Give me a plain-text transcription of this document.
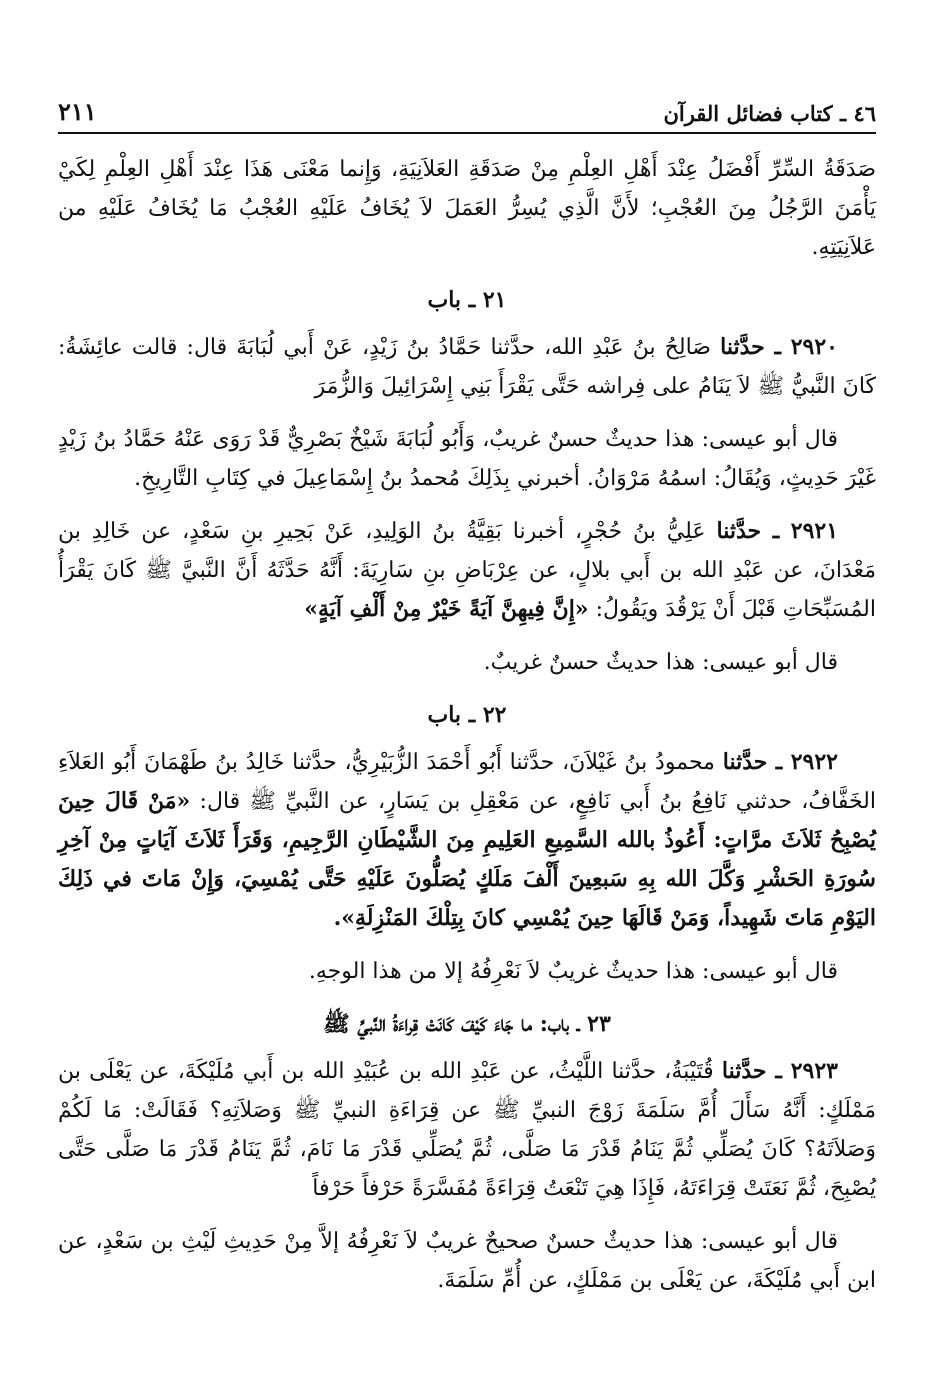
٤٦ ـ كتاب فضائل القرآن
٢١١

صَدَقَةُ السِّرِّ أَفْضَلُ عِنْدَ أَهْلِ العِلْمِ مِنْ صَدَقَةِ العَلاَنِيَةِ، وَإِنما مَعْنَى هَذَا عِنْدَ أَهْلِ العِلْمِ لِكَيْ يَأْمَنَ الرَّجُلُ مِنَ العُجْبِ؛ لأَنَّ الَّذِي يُسِرُّ العَمَلَ لاَ يُخَافُ عَلَيْهِ العُجْبُ مَا يُخَافُ عَلَيْهِ من عَلاَنِيَتِهِ.

٢١ ـ باب

٢٩٢٠ ـ حدَّثنا صَالِحُ بنُ عَبْدِ الله، حدَّثنا حَمَّادُ بنُ زَيْدٍ، عَنْ أَبي لُبَابَةَ قال: قالت عائِشَةُ: كَانَ النَّبيُّ ﷺ لاَ يَنَامُ على فِراشه حَتَّى يَقْرَأَ بَنِي إِسْرَائِيلَ وَالزُّمَرَ

قال أبو عيسى: هذا حديثٌ حسنٌ غريبٌ، وَأَبُو لُبَابَةَ شَيْخٌ بَصْرِيٌّ قَدْ رَوَى عَنْهُ حَمَّادُ بنُ زَيْدٍ غَيْرَ حَدِيثٍ، وَيُقَالُ: اسمُهُ مَرْوَانُ. أخبرني بِذَلِكَ مُحمدُ بنُ إِسْمَاعِيلَ في كِتَابِ التَّارِيخِ.

٢٩٢١ ـ حدَّثنا عَلِيُّ بنُ حُجْرٍ، أخبرنا بَقِيَّةُ بنُ الوَلِيدِ، عَنْ بَحِيرِ بنِ سَعْدٍ، عن خَالِدِ بن مَعْدَانَ، عن عَبْدِ الله بن أَبي بلالٍ، عن عِرْبَاضِ بنِ سَارِيَةَ: أَنَّهُ حَدَّثَهُ أَنَّ النَّبيَّ ﷺ كَانَ يَقْرَأُ المُسَبِّحَاتِ قَبْلَ أَنْ يَرْقُدَ ويَقُولُ: «إِنَّ فِيهِنَّ آيَةً خَيْرٌ مِنْ أَلْفِ آيَةٍ»

قال أبو عيسى: هذا حديثٌ حسنٌ غريبٌ.

٢٢ ـ باب

٢٩٢٢ ـ حدَّثنا محمودُ بنُ غَيْلاَنَ، حدَّثنا أَبُو أَحْمَدَ الزُّبَيْرِيُّ، حدَّثنا خَالِدُ بنُ طَهْمَانَ أَبُو العَلاَءِ الخَفَّافُ، حدثني نَافِعُ بنُ أَبي نَافِعٍ، عن مَعْقِلِ بن يَسَارٍ، عن النَّبيِّ ﷺ قال: «مَنْ قَالَ حِينَ يُصْبِحُ ثَلاَثَ مرَّاتٍ: أَعُوذُ بالله السَّمِيعِ العَلِيمِ مِنَ الشَّيْطَانِ الرَّجِيمِ، وَقَرَأَ ثَلاَثَ آيَاتٍ مِنْ آخِرِ سُورَةِ الحَشْرِ وَكَّلَ الله بِهِ سَبعِينَ أَلْفَ مَلَكٍ يُصَلُّونَ عَلَيْهِ حَتَّى يُمْسِيَ، وَإِنْ مَاتَ في ذَلِكَ اليَوْمِ مَاتَ شَهِيداً، وَمَنْ قَالَهَا حِينَ يُمْسِي كانَ بِتِلْكَ المَنْزِلَةِ».

قال أبو عيسى: هذا حديثٌ غريبٌ لاَ نَعْرِفُهُ إلا من هذا الوجهِ.

٢٣ ـ باب: ما جَاءَ كَيْفَ كَانَتْ قِراءَةُ النَّبيِّ ﷺ

٢٩٢٣ ـ حدَّثنا قُتَيْبَةُ، حدَّثنا اللَّيْثُ، عن عَبْدِ الله بن عُبَيْدِ الله بن أَبي مُلَيْكَةَ، عن يَعْلَى بن مَمْلَكٍ: أَنَّهُ سَأَلَ أُمَّ سَلَمَةَ زَوْجَ النبيِّ ﷺ عن قِرَاءَةِ النبيِّ ﷺ وَصَلاَتِهِ؟ فَقَالَتْ: مَا لَكُمْ وَصَلاَتَهُ؟ كَانَ يُصَلِّي ثُمَّ يَنَامُ قَدْرَ مَا صَلَّى، ثُمَّ يُصَلِّي قَدْرَ مَا نَامَ، ثُمَّ يَنَامُ قَدْرَ مَا صَلَّى حَتَّى يُصْبِحَ، ثُمَّ نَعَتَتْ قِرَاءَتَهُ، فَإِذَا هِيَ تَنْعَتُ قِرَاءَةً مُفَسَّرَةً حَرْفاً حَرْفاً

قال أبو عيسى: هذا حديثٌ حسنٌ صحيحٌ غريبٌ لاَ نَعْرِفُهُ إلاَّ مِنْ حَدِيثِ لَيْثِ بن سَعْدٍ، عن ابن أَبي مُلَيْكَةَ، عن يَعْلَى بن مَمْلَكٍ، عن أُمِّ سَلَمَةَ.
